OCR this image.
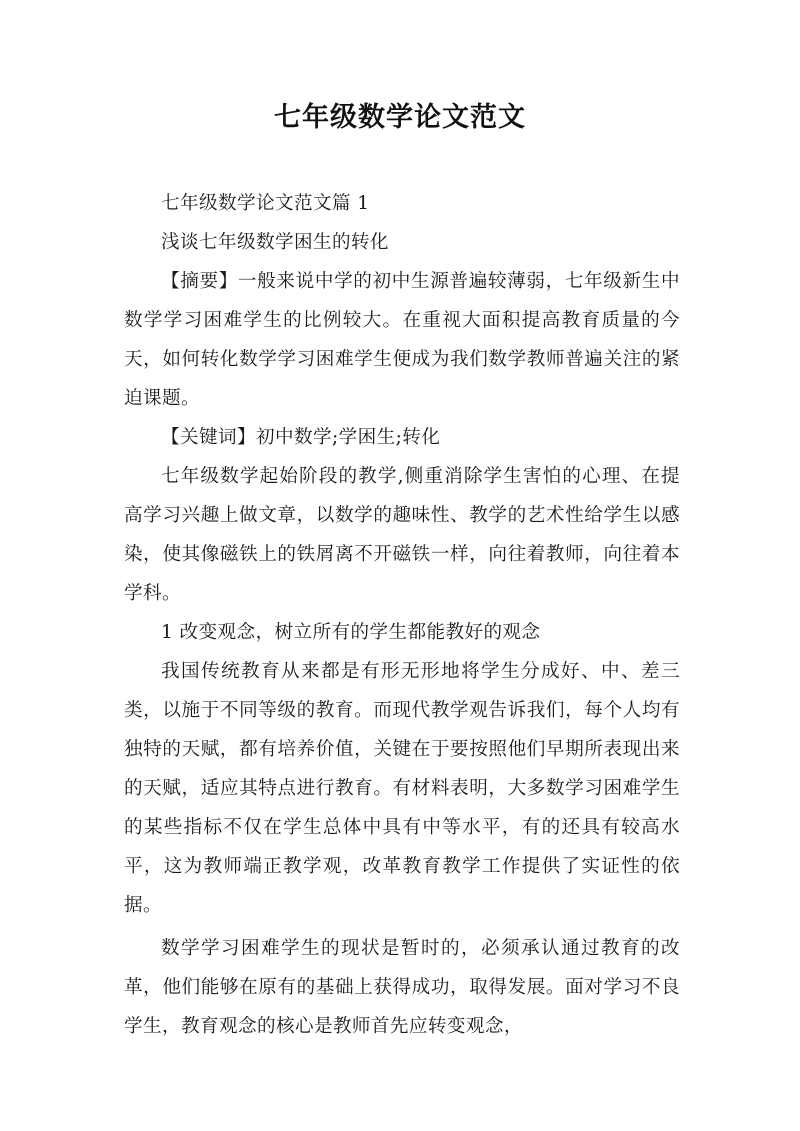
七年级数学论文范文

七年级数学论文范文篇 1

浅谈七年级数学困生的转化

【摘要】一般来说中学的初中生源普遍较薄弱，七年级新生中数学学习困难学生的比例较大。在重视大面积提高教育质量的今天，如何转化数学学习困难学生便成为我们数学教师普遍关注的紧迫课题。

【关键词】初中数学;学困生;转化

七年级数学起始阶段的教学,侧重消除学生害怕的心理、在提高学习兴趣上做文章，以数学的趣味性、教学的艺术性给学生以感染，使其像磁铁上的铁屑离不开磁铁一样，向往着教师，向往着本学科。

1 改变观念，树立所有的学生都能教好的观念

我国传统教育从来都是有形无形地将学生分成好、中、差三类，以施于不同等级的教育。而现代教学观告诉我们，每个人均有独特的天赋，都有培养价值，关键在于要按照他们早期所表现出来的天赋，适应其特点进行教育。有材料表明，大多数学习困难学生的某些指标不仅在学生总体中具有中等水平，有的还具有较高水平，这为教师端正教学观，改革教育教学工作提供了实证性的依据。

数学学习困难学生的现状是暂时的，必须承认通过教育的改革，他们能够在原有的基础上获得成功，取得发展。面对学习不良学生，教育观念的核心是教师首先应转变观念，
